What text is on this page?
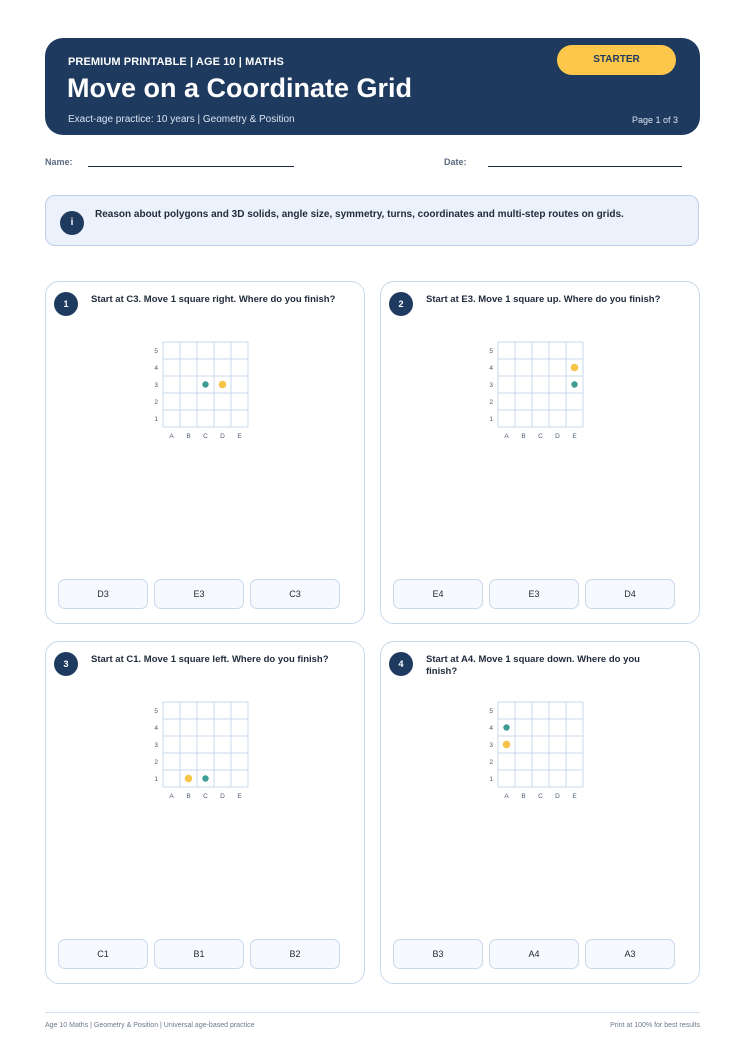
PREMIUM PRINTABLE | AGE 10 | MATHS
Move on a Coordinate Grid
Exact-age practice: 10 years | Geometry & Position	Page 1 of 3
STARTER
Name:	Date:
i
Reason about polygons and 3D solids, angle size, symmetry, turns, coordinates and multi-step routes on grids.
1	Start at C3. Move 1 square right. Where do you finish?
A B C D E
1
2
3
4
5
D3	E3	C3
2	Start at E3. Move 1 square up. Where do you finish?
A B C D E
1
2
3
4
5
E4	E3	D4
3	Start at C1. Move 1 square left. Where do you finish?
A B C D E
1
2
3
4
5
C1	B1	B2
4	Start at A4. Move 1 square down. Where do you finish?
A B C D E
1
2
3
4
5
B3	A4	A3
Age 10 Maths | Geometry & Position | Universal age-based practice	Print at 100% for best results
